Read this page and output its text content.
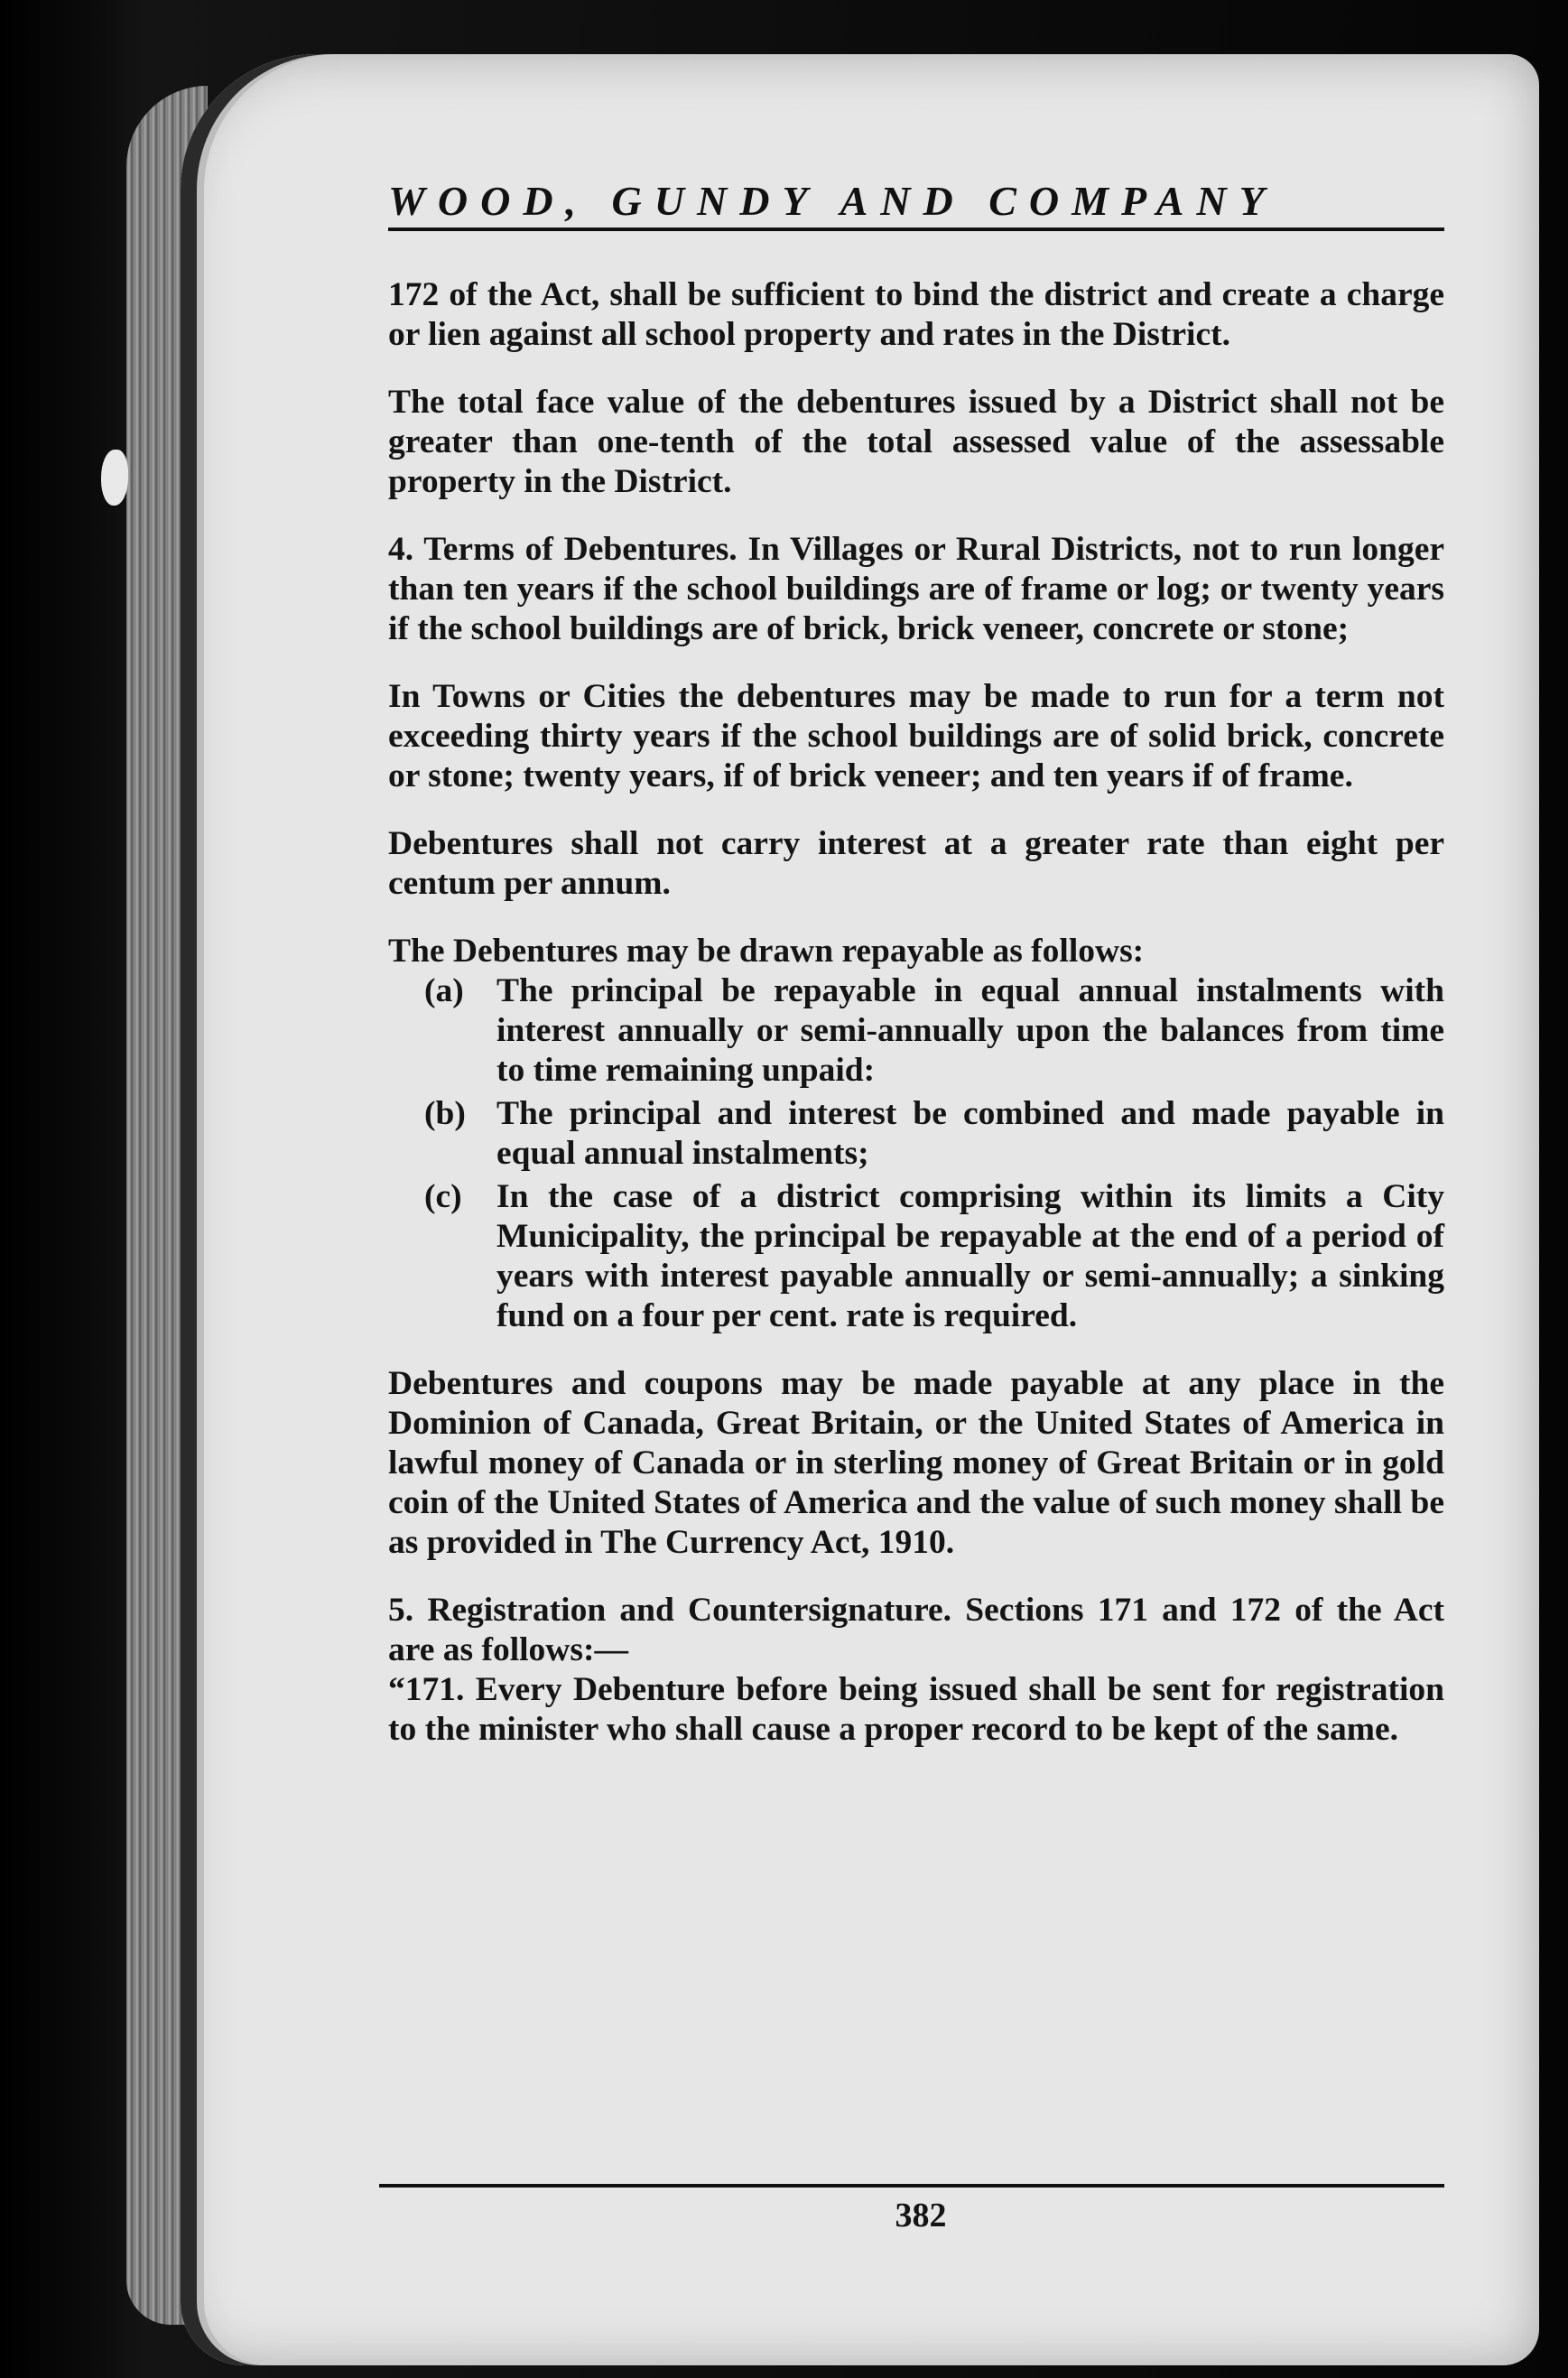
WOOD, GUNDY AND COMPANY

172 of the Act, shall be sufficient to bind the district and create a charge or lien against all school property and rates in the District.

The total face value of the debentures issued by a District shall not be greater than one-tenth of the total assessed value of the assessable property in the District.

4. Terms of Debentures. In Villages or Rural Districts, not to run longer than ten years if the school buildings are of frame or log; or twenty years if the school buildings are of brick, brick veneer, concrete or stone;

In Towns or Cities the debentures may be made to run for a term not exceeding thirty years if the school buildings are of solid brick, concrete or stone; twenty years, if of brick veneer; and ten years if of frame.

Debentures shall not carry interest at a greater rate than eight per centum per annum.

The Debentures may be drawn repayable as follows:

(a) The principal be repayable in equal annual instalments with interest annually or semi-annually upon the balances from time to time remaining unpaid:
(b) The principal and interest be combined and made payable in equal annual instalments;
(c)	In the case of a district comprising within its limits a City Municipality, the principal be repayable at the end of a period of years with interest payable annually or semi-annually; a sinking fund on a four per cent. rate is required.

Debentures and coupons may be made payable at any place in the Dominion of Canada, Great Britain, or the United States of America in lawful money of Canada or in sterling money of Great Britain or in gold coin of the United States of America and the value of such money shall be as provided in The Currency Act, 1910.

5. Registration and Countersignature. Sections 171 and 172 of the Act are as follows:—

“171. Every Debenture before being issued shall be sent for registration to the minister who shall cause a proper record to be kept of the same.

382
